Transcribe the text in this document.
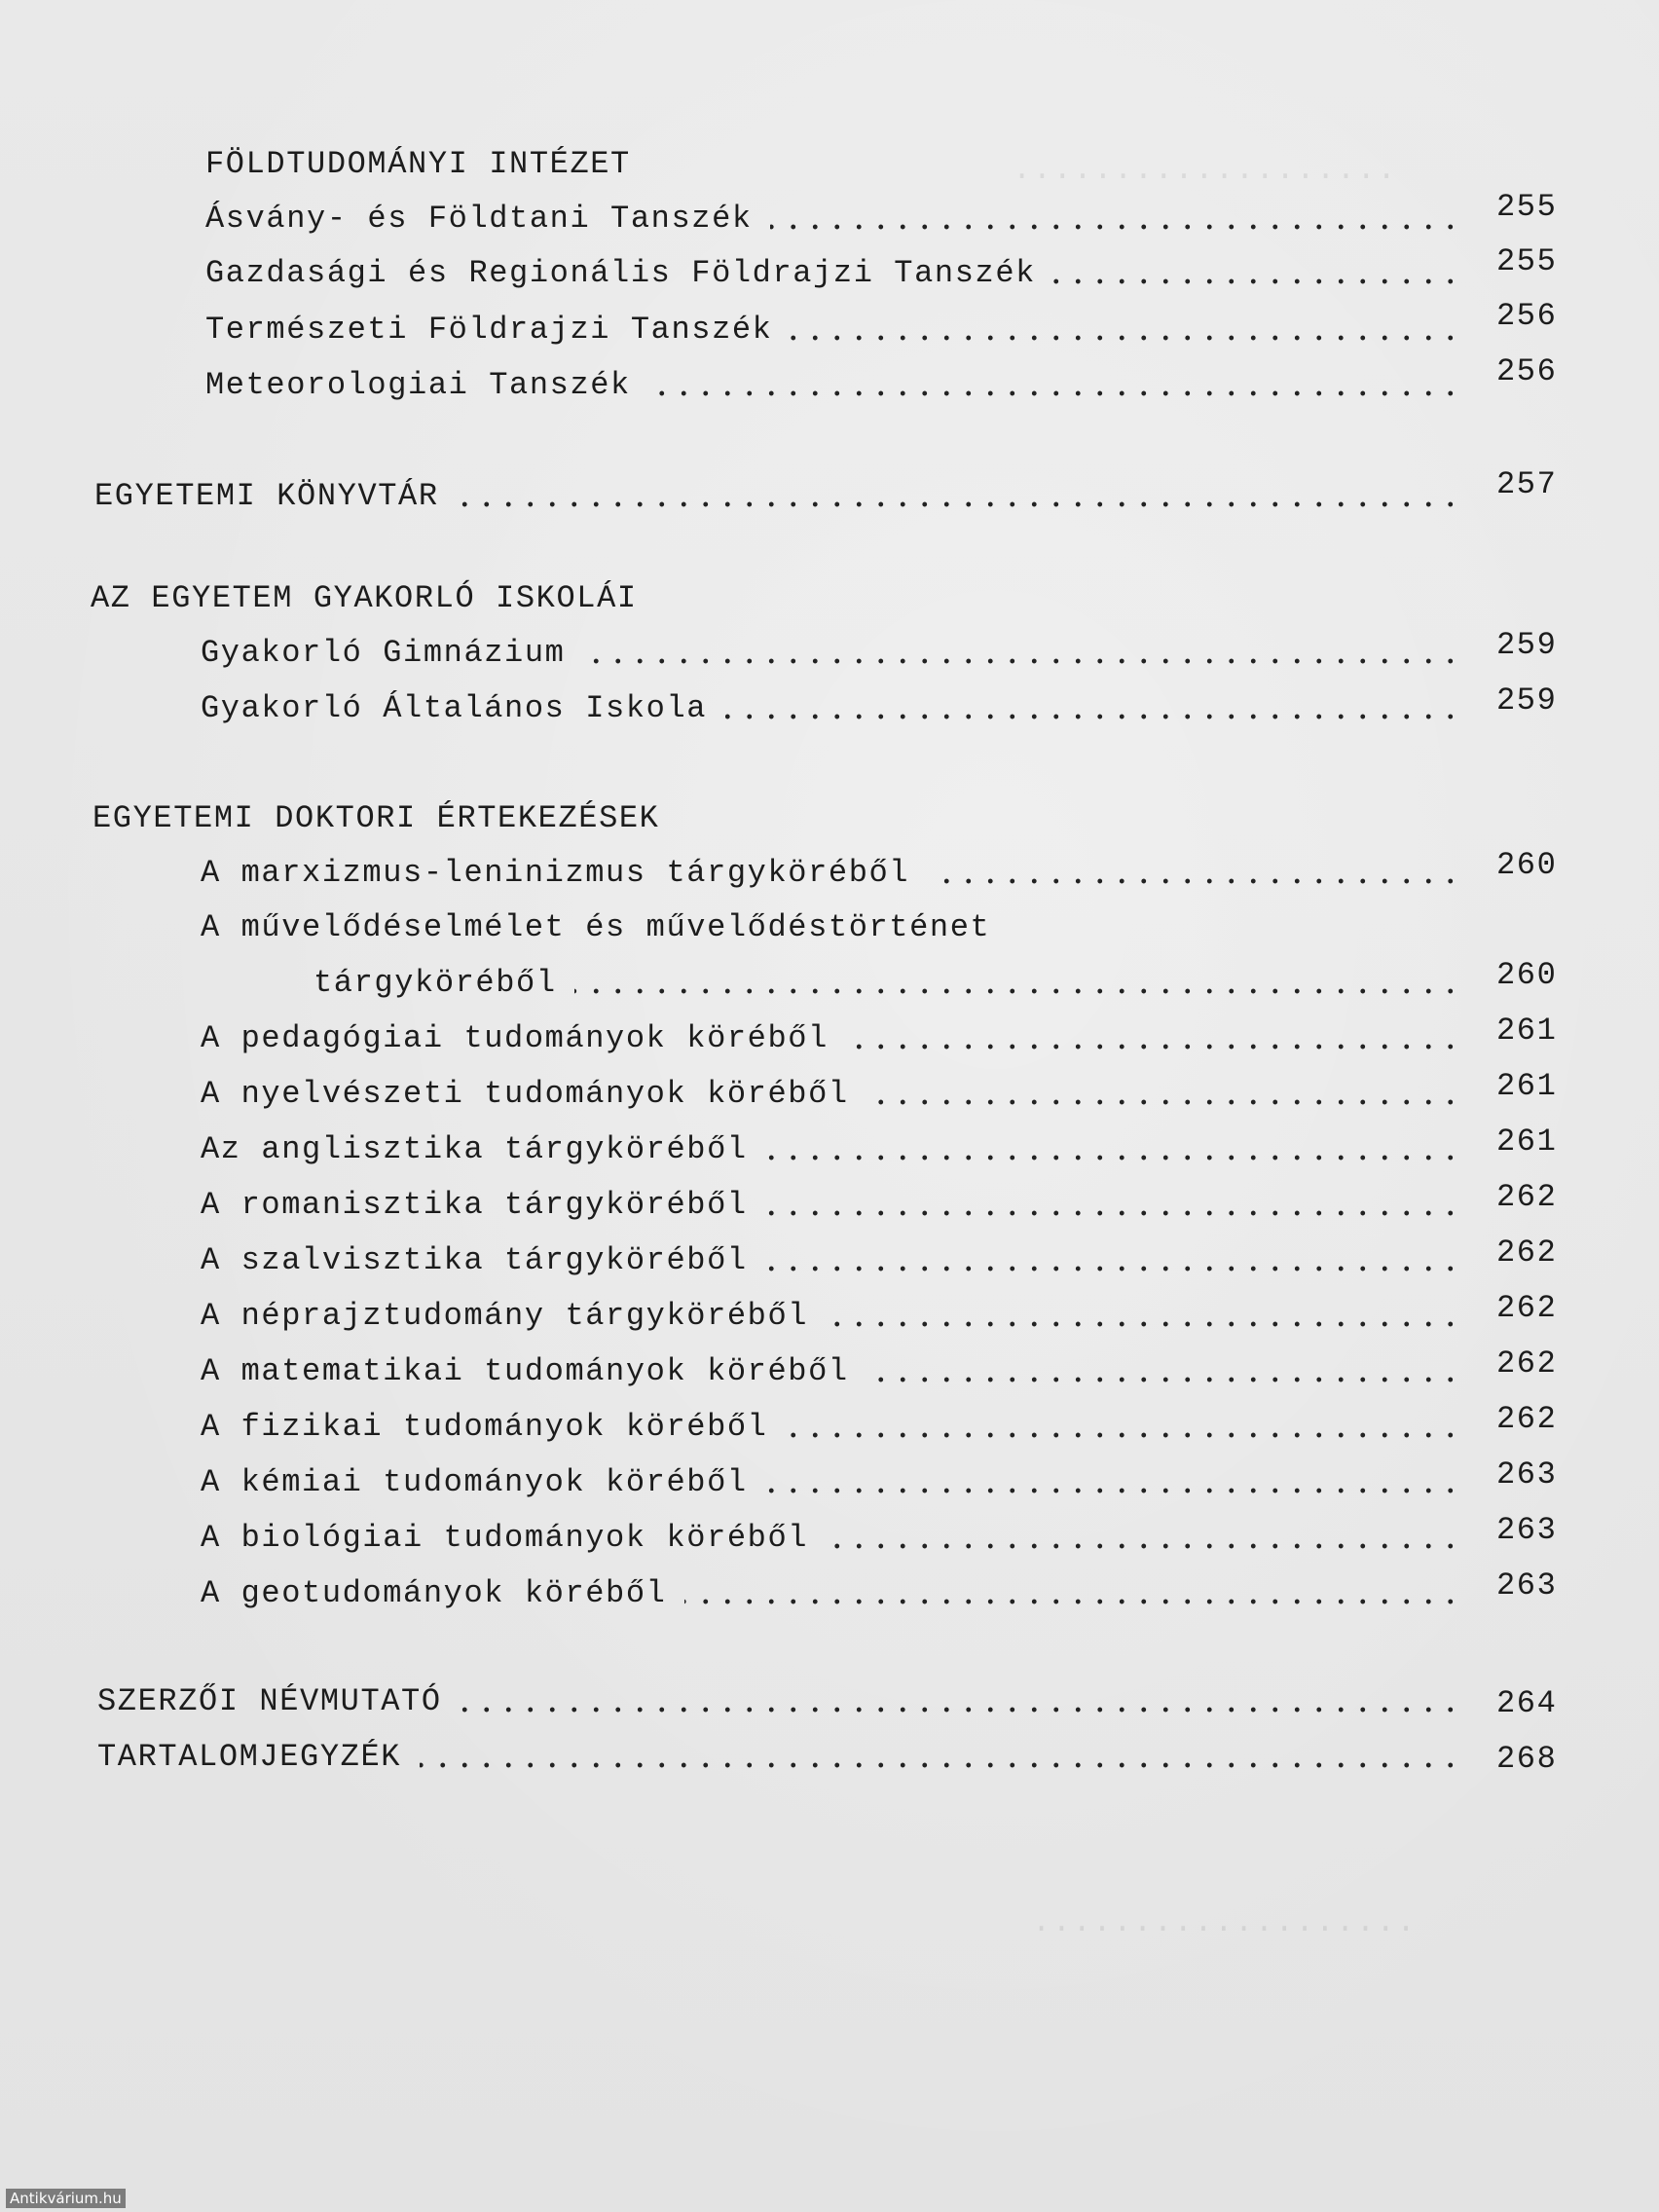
...................
...................
FÖLDTUDOMÁNYI INTÉZET
Ásvány- és Földtani Tanszék	255
Gazdasági és Regionális Földrajzi Tanszék	255
Természeti Földrajzi Tanszék	256
Meteorologiai Tanszék	256
EGYETEMI KÖNYVTÁR	257
AZ EGYETEM GYAKORLÓ ISKOLÁI
Gyakorló Gimnázium	259
Gyakorló Általános Iskola	259
EGYETEMI DOKTORI ÉRTEKEZÉSEK
A marxizmus-leninizmus tárgyköréből	260
A művelődéselmélet és művelődéstörténet
tárgyköréből	260
A pedagógiai tudományok köréből	261
A nyelvészeti tudományok köréből	261
Az anglisztika tárgyköréből	261
A romanisztika tárgyköréből	262
A szalvisztika tárgyköréből	262
A néprajztudomány tárgyköréből	262
A matematikai tudományok köréből	262
A fizikai tudományok köréből	262
A kémiai tudományok köréből	263
A biológiai tudományok köréből	263
A geotudományok köréből	263
SZERZŐI NÉVMUTATÓ	264
TARTALOMJEGYZÉK	268
Antikvárium.hu
